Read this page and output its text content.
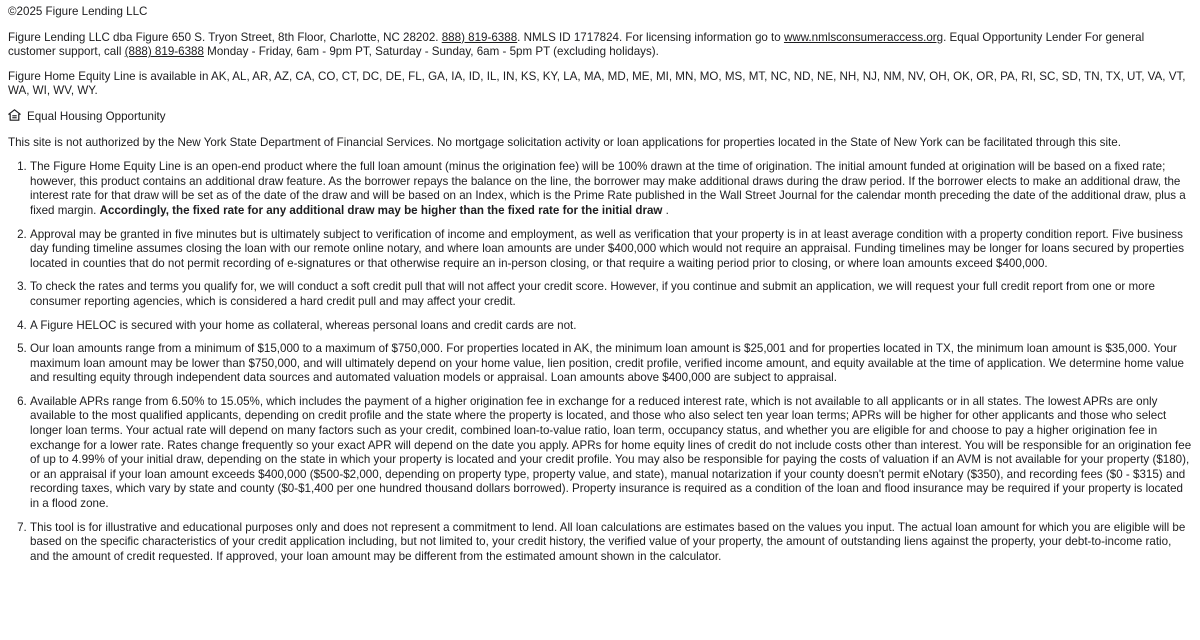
©2025 Figure Lending LLC

Figure Lending LLC dba Figure 650 S. Tryon Street, 8th Floor, Charlotte, NC 28202. 888) 819-6388. NMLS ID 1717824. For licensing information go to www.nmlsconsumeraccess.org. Equal Opportunity Lender For general customer support, call (888) 819-6388 Monday - Friday, 6am - 9pm PT, Saturday - Sunday, 6am - 5pm PT (excluding holidays).

Figure Home Equity Line is available in AK, AL, AR, AZ, CA, CO, CT, DC, DE, FL, GA, IA, ID, IL, IN, KS, KY, LA, MA, MD, ME, MI, MN, MO, MS, MT, NC, ND, NE, NH, NJ, NM, NV, OH, OK, OR, PA, RI, SC, SD, TN, TX, UT, VA, VT, WA, WI, WV, WY.

Equal Housing Opportunity

This site is not authorized by the New York State Department of Financial Services. No mortgage solicitation activity or loan applications for properties located in the State of New York can be facilitated through this site.

1. The Figure Home Equity Line is an open-end product where the full loan amount (minus the origination fee) will be 100% drawn at the time of origination. The initial amount funded at origination will be based on a fixed rate; however, this product contains an additional draw feature. As the borrower repays the balance on the line, the borrower may make additional draws during the draw period. If the borrower elects to make an additional draw, the interest rate for that draw will be set as of the date of the draw and will be based on an Index, which is the Prime Rate published in the Wall Street Journal for the calendar month preceding the date of the additional draw, plus a fixed margin. Accordingly, the fixed rate for any additional draw may be higher than the fixed rate for the initial draw .
2. Approval may be granted in five minutes but is ultimately subject to verification of income and employment, as well as verification that your property is in at least average condition with a property condition report. Five business day funding timeline assumes closing the loan with our remote online notary, and where loan amounts are under $400,000 which would not require an appraisal. Funding timelines may be longer for loans secured by properties located in counties that do not permit recording of e-signatures or that otherwise require an in-person closing, or that require a waiting period prior to closing, or where loan amounts exceed $400,000.
3. To check the rates and terms you qualify for, we will conduct a soft credit pull that will not affect your credit score. However, if you continue and submit an application, we will request your full credit report from one or more consumer reporting agencies, which is considered a hard credit pull and may affect your credit.
4. A Figure HELOC is secured with your home as collateral, whereas personal loans and credit cards are not.
5. Our loan amounts range from a minimum of $15,000 to a maximum of $750,000. For properties located in AK, the minimum loan amount is $25,001 and for properties located in TX, the minimum loan amount is $35,000. Your maximum loan amount may be lower than $750,000, and will ultimately depend on your home value, lien position, credit profile, verified income amount, and equity available at the time of application. We determine home value and resulting equity through independent data sources and automated valuation models or appraisal. Loan amounts above $400,000 are subject to appraisal.
6. Available APRs range from 6.50% to 15.05%, which includes the payment of a higher origination fee in exchange for a reduced interest rate, which is not available to all applicants or in all states. The lowest APRs are only available to the most qualified applicants, depending on credit profile and the state where the property is located, and those who also select ten year loan terms; APRs will be higher for other applicants and those who select longer loan terms. Your actual rate will depend on many factors such as your credit, combined loan-to-value ratio, loan term, occupancy status, and whether you are eligible for and choose to pay a higher origination fee in exchange for a lower rate. Rates change frequently so your exact APR will depend on the date you apply. APRs for home equity lines of credit do not include costs other than interest. You will be responsible for an origination fee of up to 4.99% of your initial draw, depending on the state in which your property is located and your credit profile. You may also be responsible for paying the costs of valuation if an AVM is not available for your property ($180), or an appraisal if your loan amount exceeds $400,000 ($500-$2,000, depending on property type, property value, and state), manual notarization if your county doesn't permit eNotary ($350), and recording fees ($0 - $315) and recording taxes, which vary by state and county ($0-$1,400 per one hundred thousand dollars borrowed). Property insurance is required as a condition of the loan and flood insurance may be required if your property is located in a flood zone.
7. This tool is for illustrative and educational purposes only and does not represent a commitment to lend. All loan calculations are estimates based on the values you input. The actual loan amount for which you are eligible will be based on the specific characteristics of your credit application including, but not limited to, your credit history, the verified value of your property, the amount of outstanding liens against the property, your debt-to-income ratio, and the amount of credit requested. If approved, your loan amount may be different from the estimated amount shown in the calculator.
